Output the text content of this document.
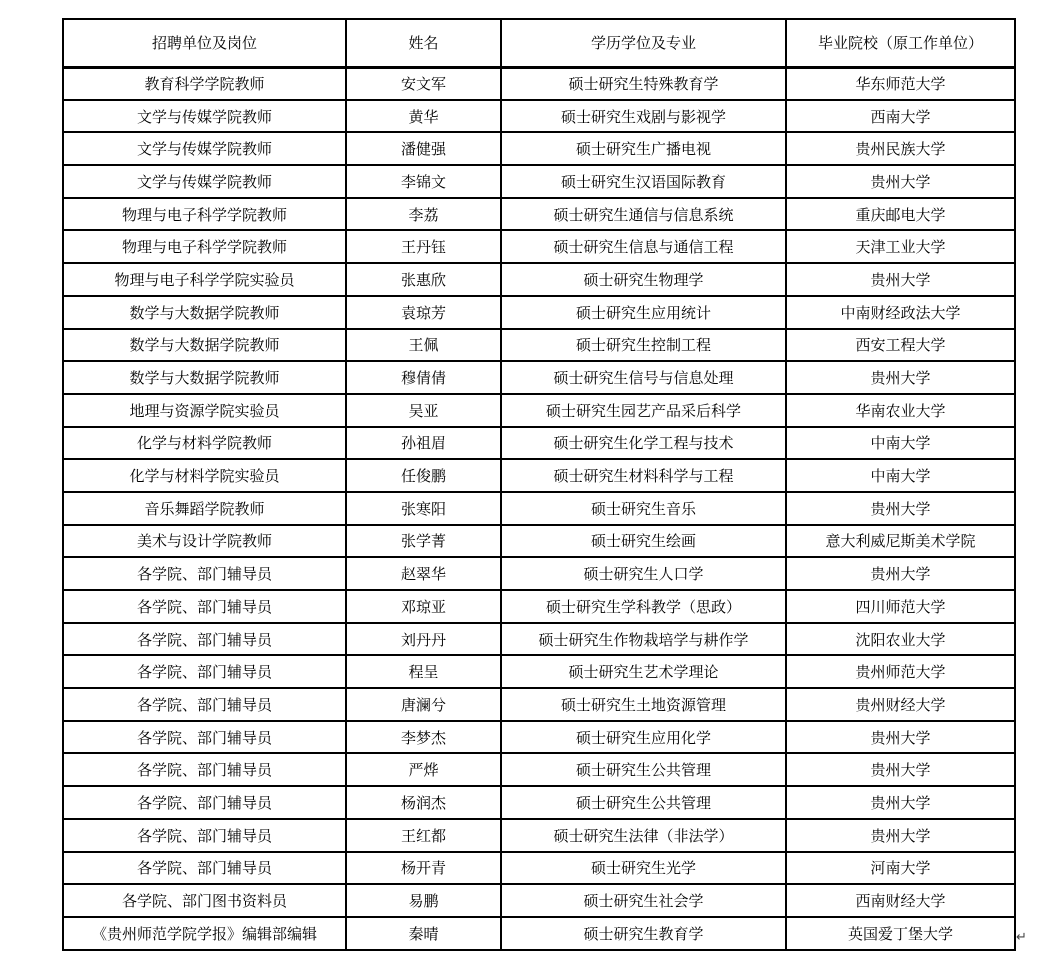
招聘单位及岗位	姓名	学历学位及专业	毕业院校（原工作单位）
教育科学学院教师	安文军	硕士研究生特殊教育学	华东师范大学
文学与传媒学院教师	黄华	硕士研究生戏剧与影视学	西南大学
文学与传媒学院教师	潘健强	硕士研究生广播电视	贵州民族大学
文学与传媒学院教师	李锦文	硕士研究生汉语国际教育	贵州大学
物理与电子科学学院教师	李荔	硕士研究生通信与信息系统	重庆邮电大学
物理与电子科学学院教师	王丹钰	硕士研究生信息与通信工程	天津工业大学
物理与电子科学学院实验员	张惠欣	硕士研究生物理学	贵州大学
数学与大数据学院教师	袁琼芳	硕士研究生应用统计	中南财经政法大学
数学与大数据学院教师	王佩	硕士研究生控制工程	西安工程大学
数学与大数据学院教师	穆倩倩	硕士研究生信号与信息处理	贵州大学
地理与资源学院实验员	吴亚	硕士研究生园艺产品采后科学	华南农业大学
化学与材料学院教师	孙祖眉	硕士研究生化学工程与技术	中南大学
化学与材料学院实验员	任俊鹏	硕士研究生材料科学与工程	中南大学
音乐舞蹈学院教师	张寒阳	硕士研究生音乐	贵州大学
美术与设计学院教师	张学菁	硕士研究生绘画	意大利威尼斯美术学院
各学院、部门辅导员	赵翠华	硕士研究生人口学	贵州大学
各学院、部门辅导员	邓琼亚	硕士研究生学科教学（思政）	四川师范大学
各学院、部门辅导员	刘丹丹	硕士研究生作物栽培学与耕作学	沈阳农业大学
各学院、部门辅导员	程呈	硕士研究生艺术学理论	贵州师范大学
各学院、部门辅导员	唐澜兮	硕士研究生土地资源管理	贵州财经大学
各学院、部门辅导员	李梦杰	硕士研究生应用化学	贵州大学
各学院、部门辅导员	严烨	硕士研究生公共管理	贵州大学
各学院、部门辅导员	杨润杰	硕士研究生公共管理	贵州大学
各学院、部门辅导员	王红都	硕士研究生法律（非法学）	贵州大学
各学院、部门辅导员	杨开青	硕士研究生光学	河南大学
各学院、部门图书资料员	易鹏	硕士研究生社会学	西南财经大学
《贵州师范学院学报》编辑部编辑	秦晴	硕士研究生教育学	英国爱丁堡大学	↵
